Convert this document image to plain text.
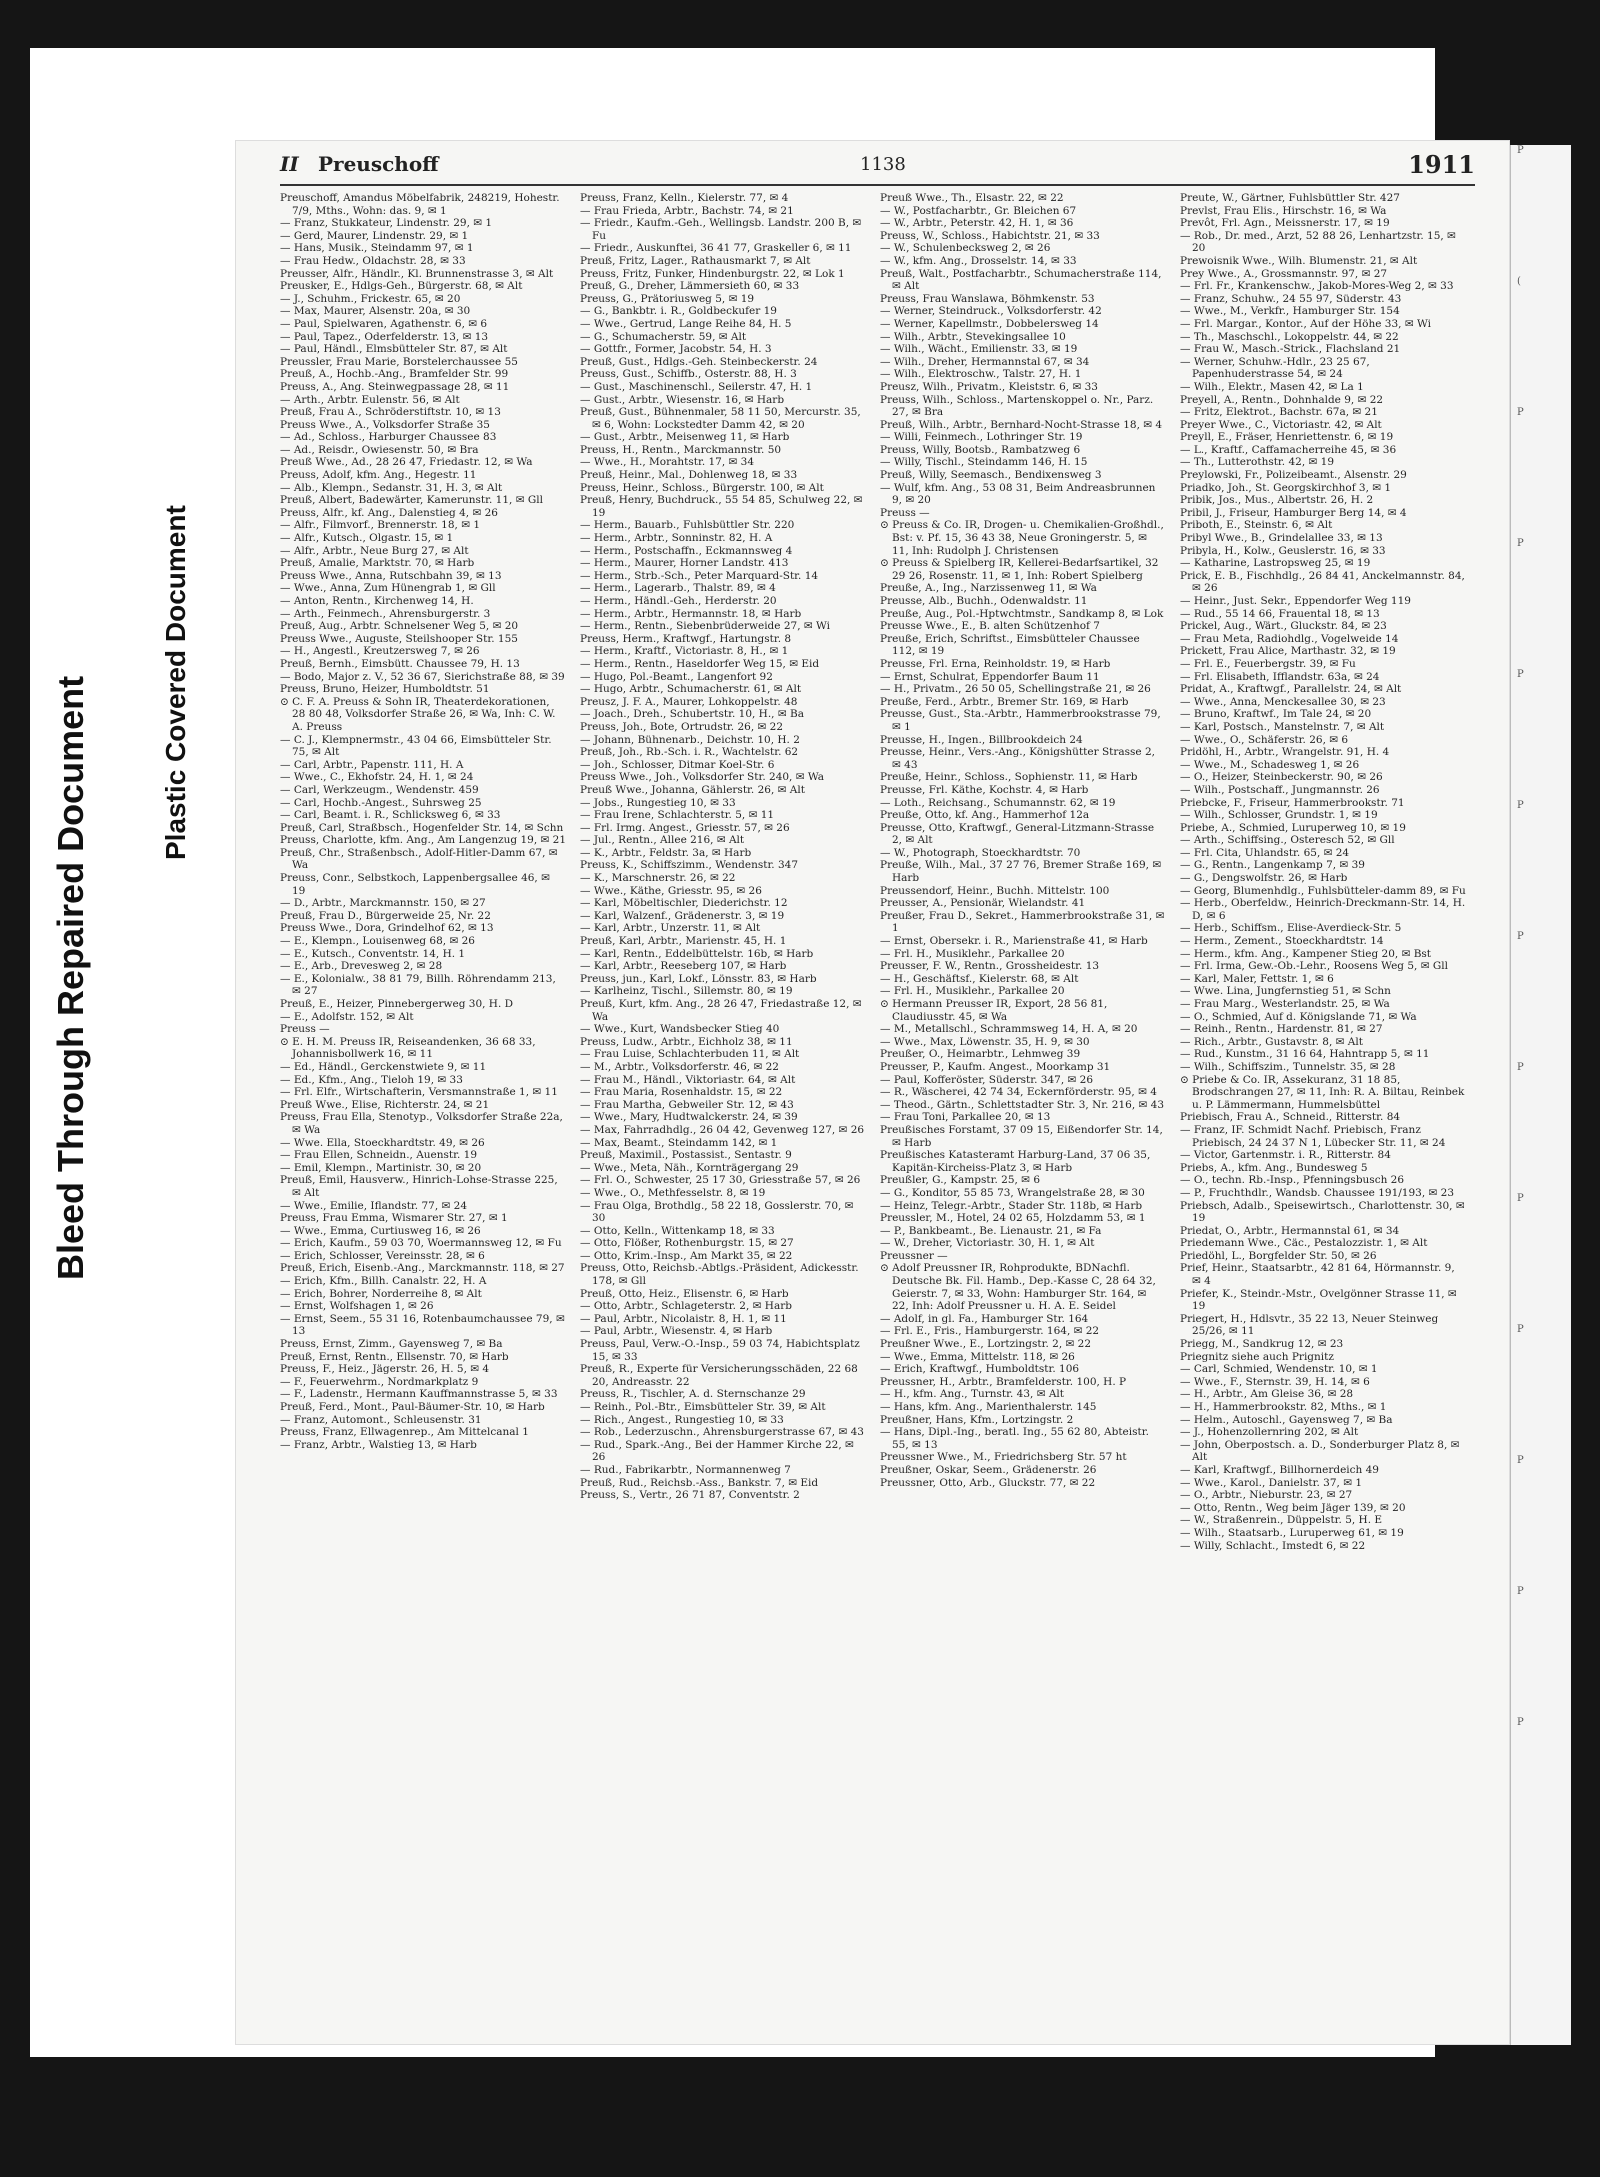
Bleed Through Repaired Document Plastic Covered Document
II Preuschoff	1138	1911

Preuschoff, Amandus Möbelfabrik, 248219, Hohestr. 7/9, Mths., Wohn: das. 9, ✉ 1

— Franz, Stukkateur, Lindenstr. 29, ✉ 1

— Gerd, Maurer, Lindenstr. 29, ✉ 1

— Hans, Musik., Steindamm 97, ✉ 1

— Frau Hedw., Oldachstr. 28, ✉ 33

Preusser, Alfr., Händlr., Kl. Brunnenstrasse 3, ✉ Alt

Preusker, E., Hdlgs-Geh., Bürgerstr. 68, ✉ Alt

— J., Schuhm., Frickestr. 65, ✉ 20

— Max, Maurer, Alsenstr. 20a, ✉ 30

— Paul, Spielwaren, Agathenstr. 6, ✉ 6

— Paul, Tapez., Oderfelderstr. 13, ✉ 13

— Paul, Händl., Elmsbütteler Str. 87, ✉ Alt

Preussler, Frau Marie, Borstelerchaussee 55

Preuß, A., Hochb.-Ang., Bramfelder Str. 99

Preuss, A., Ang. Steinwegpassage 28, ✉ 11

— Arth., Arbtr. Eulenstr. 56, ✉ Alt

Preuß, Frau A., Schröderstiftstr. 10, ✉ 13

Preuss Wwe., A., Volksdorfer Straße 35

— Ad., Schloss., Harburger Chaussee 83

— Ad., Reisdr., Owiesenstr. 50, ✉ Bra

Preuß Wwe., Ad., 28 26 47, Friedastr. 12, ✉ Wa

Preuss, Adolf, kfm. Ang., Hegestr. 11

— Alb., Klempn., Sedanstr. 31, H. 3, ✉ Alt

Preuß, Albert, Badewärter, Kamerunstr. 11, ✉ Gll

Preuss, Alfr., kf. Ang., Dalenstieg 4, ✉ 26

— Alfr., Filmvorf., Brennerstr. 18, ✉ 1

— Alfr., Kutsch., Olgastr. 15, ✉ 1

— Alfr., Arbtr., Neue Burg 27, ✉ Alt

Preuß, Amalie, Marktstr. 70, ✉ Harb

Preuss Wwe., Anna, Rutschbahn 39, ✉ 13

— Wwe., Anna, Zum Hünengrab 1, ✉ Gll

— Anton, Rentn., Kirchenweg 14, H.

— Arth., Feinmech., Ahrensburgerstr. 3

Preuß, Aug., Arbtr. Schnelsener Weg 5, ✉ 20

Preuss Wwe., Auguste, Steilshooper Str. 155

— H., Angestl., Kreutzersweg 7, ✉ 26

Preuß, Bernh., Eimsbütt. Chaussee 79, H. 13

— Bodo, Major z. V., 52 36 67, Sierichstraße 88, ✉ 39

Preuss, Bruno, Heizer, Humboldtstr. 51

⊙ C. F. A. Preuss & Sohn IR, Theaterdekorationen, 28 80 48, Volksdorfer Straße 26, ✉ Wa, Inh: C. W. A. Preuss

— C. J., Klempnermstr., 43 04 66, Eimsbütteler Str. 75, ✉ Alt

— Carl, Arbtr., Papenstr. 111, H. A

— Wwe., C., Ekhofstr. 24, H. 1, ✉ 24

— Carl, Werkzeugm., Wendenstr. 459

— Carl, Hochb.-Angest., Suhrsweg 25

— Carl, Beamt. i. R., Schlicksweg 6, ✉ 33

Preuß, Carl, Straßbsch., Hogenfelder Str. 14, ✉ Schn

Preuss, Charlotte, kfm. Ang., Am Langenzug 19, ✉ 21

Preuß, Chr., Straßenbsch., Adolf-Hitler-Damm 67, ✉ Wa

Preuss, Conr., Selbstkoch, Lappenbergsallee 46, ✉ 19

— D., Arbtr., Marckmannstr. 150, ✉ 27

Preuß, Frau D., Bürgerweide 25, Nr. 22

Preuss Wwe., Dora, Grindelhof 62, ✉ 13

— E., Klempn., Louisenweg 68, ✉ 26

— E., Kutsch., Conventstr. 14, H. 1

— E., Arb., Drevesweg 2, ✉ 28

— E., Kolonialw., 38 81 79, Billh. Röhrendamm 213, ✉ 27

Preuß, E., Heizer, Pinnebergerweg 30, H. D

— E., Adolfstr. 152, ✉ Alt

Preuss —

⊙ E. H. M. Preuss IR, Reiseandenken, 36 68 33, Johannisbollwerk 16, ✉ 11

— Ed., Händl., Gerckenstwiete 9, ✉ 11

— Ed., Kfm., Ang., Tieloh 19, ✉ 33

— Frl. Elfr., Wirtschafterin, Versmannstraße 1, ✉ 11

Preuß Wwe., Elise, Richterstr. 24, ✉ 21

Preuss, Frau Ella, Stenotyp., Volksdorfer Straße 22a, ✉ Wa

— Wwe. Ella, Stoeckhardtstr. 49, ✉ 26

— Frau Ellen, Schneidn., Auenstr. 19

— Emil, Klempn., Martinistr. 30, ✉ 20

Preuß, Emil, Hausverw., Hinrich-Lohse-Strasse 225, ✉ Alt

— Wwe., Emilie, Iflandstr. 77, ✉ 24

Preuss, Frau Emma, Wismarer Str. 27, ✉ 1

— Wwe., Emma, Curtiusweg 16, ✉ 26

— Erich, Kaufm., 59 03 70, Woermannsweg 12, ✉ Fu

— Erich, Schlosser, Vereinsstr. 28, ✉ 6

Preuß, Erich, Eisenb.-Ang., Marckmannstr. 118, ✉ 27

— Erich, Kfm., Billh. Canalstr. 22, H. A

— Erich, Bohrer, Norderreihe 8, ✉ Alt

— Ernst, Wolfshagen 1, ✉ 26

— Ernst, Seem., 55 31 16, Rotenbaumchaussee 79, ✉ 13

Preuss, Ernst, Zimm., Gayensweg 7, ✉ Ba

Preuß, Ernst, Rentn., Ellsenstr. 70, ✉ Harb

Preuss, F., Heiz., Jägerstr. 26, H. 5, ✉ 4

— F., Feuerwehrm., Nordmarkplatz 9

— F., Ladenstr., Hermann Kauffmannstrasse 5, ✉ 33

Preuß, Ferd., Mont., Paul-Bäumer-Str. 10, ✉ Harb

— Franz, Automont., Schleusenstr. 31

Preuss, Franz, Ellwagenrep., Am Mittelcanal 1

— Franz, Arbtr., Walstieg 13, ✉ Harb

Preuss, Franz, Kelln., Kielerstr. 77, ✉ 4

— Frau Frieda, Arbtr., Bachstr. 74, ✉ 21

— Friedr., Kaufm.-Geh., Wellingsb. Landstr. 200 B, ✉ Fu

— Friedr., Auskunftei, 36 41 77, Graskeller 6, ✉ 11

Preuß, Fritz, Lager., Rathausmarkt 7, ✉ Alt

Preuss, Fritz, Funker, Hindenburgstr. 22, ✉ Lok 1

Preuß, G., Dreher, Lämmersieth 60, ✉ 33

Preuss, G., Prätoriusweg 5, ✉ 19

— G., Bankbtr. i. R., Goldbeckufer 19

— Wwe., Gertrud, Lange Reihe 84, H. 5

— G., Schumacherstr. 59, ✉ Alt

— Gottfr., Former, Jacobstr. 54, H. 3

Preuß, Gust., Hdlgs.-Geh. Steinbeckerstr. 24

Preuss, Gust., Schiffb., Osterstr. 88, H. 3

— Gust., Maschinenschl., Seilerstr. 47, H. 1

— Gust., Arbtr., Wiesenstr. 16, ✉ Harb

Preuß, Gust., Bühnenmaler, 58 11 50, Mercurstr. 35, ✉ 6, Wohn: Lockstedter Damm 42, ✉ 20

— Gust., Arbtr., Meisenweg 11, ✉ Harb

Preuss, H., Rentn., Marckmannstr. 50

— Wwe., H., Morahtstr. 17, ✉ 34

Preuß, Heinr., Mal., Dohlenweg 18, ✉ 33

Preuss, Heinr., Schloss., Bürgerstr. 100, ✉ Alt

Preuß, Henry, Buchdruck., 55 54 85, Schulweg 22, ✉ 19

— Herm., Bauarb., Fuhlsbüttler Str. 220

— Herm., Arbtr., Sonninstr. 82, H. A

— Herm., Postschaffn., Eckmannsweg 4

— Herm., Maurer, Horner Landstr. 413

— Herm., Strb.-Sch., Peter Marquard-Str. 14

— Herm., Lagerarb., Thalstr. 89, ✉ 4

— Herm., Händl.-Geh., Herderstr. 20

— Herm., Arbtr., Hermannstr. 18, ✉ Harb

— Herm., Rentn., Siebenbrüderweide 27, ✉ Wi

Preuss, Herm., Kraftwgf., Hartungstr. 8

— Herm., Kraftf., Victoriastr. 8, H., ✉ 1

— Herm., Rentn., Haseldorfer Weg 15, ✉ Eid

— Hugo, Pol.-Beamt., Langenfort 92

— Hugo, Arbtr., Schumacherstr. 61, ✉ Alt

Preusz, J. F. A., Maurer, Lohkoppelstr. 48

— Joach., Dreh., Schubertstr. 10, H., ✉ Ba

Preuss, Joh., Bote, Ortrudstr. 26, ✉ 22

— Johann, Bühnenarb., Deichstr. 10, H. 2

Preuß, Joh., Rb.-Sch. i. R., Wachtelstr. 62

— Joh., Schlosser, Ditmar Koel-Str. 6

Preuss Wwe., Joh., Volksdorfer Str. 240, ✉ Wa

Preuß Wwe., Johanna, Gählerstr. 26, ✉ Alt

— Jobs., Rungestieg 10, ✉ 33

— Frau Irene, Schlachterstr. 5, ✉ 11

— Frl. Irmg. Angest., Griesstr. 57, ✉ 26

— Jul., Rentn., Allee 216, ✉ Alt

— K., Arbtr., Feldstr. 3a, ✉ Harb

Preuss, K., Schiffszimm., Wendenstr. 347

— K., Marschnerstr. 26, ✉ 22

— Wwe., Käthe, Griesstr. 95, ✉ 26

— Karl, Möbeltischler, Diederichstr. 12

— Karl, Walzenf., Grädenerstr. 3, ✉ 19

— Karl, Arbtr., Unzerstr. 11, ✉ Alt

Preuß, Karl, Arbtr., Marienstr. 45, H. 1

— Karl, Rentn., Eddelbüttelstr. 16b, ✉ Harb

— Karl, Arbtr., Reeseberg 107, ✉ Harb

Preuss, jun., Karl, Lokf., Lönsstr. 83, ✉ Harb

— Karlheinz, Tischl., Sillemstr. 80, ✉ 19

Preuß, Kurt, kfm. Ang., 28 26 47, Friedastraße 12, ✉ Wa

— Wwe., Kurt, Wandsbecker Stieg 40

Preuss, Ludw., Arbtr., Eichholz 38, ✉ 11

— Frau Luise, Schlachterbuden 11, ✉ Alt

— M., Arbtr., Volksdorferstr. 46, ✉ 22

— Frau M., Händl., Viktoriastr. 64, ✉ Alt

— Frau Maria, Rosenhaldstr. 15, ✉ 22

— Frau Martha, Gebweiler Str. 12, ✉ 43

— Wwe., Mary, Hudtwalckerstr. 24, ✉ 39

— Max, Fahrradhdlg., 26 04 42, Gevenweg 127, ✉ 26

— Max, Beamt., Steindamm 142, ✉ 1

Preuß, Maximil., Postassist., Sentastr. 9

— Wwe., Meta, Näh., Kornträgergang 29

— Frl. O., Schwester, 25 17 30, Griesstraße 57, ✉ 26

— Wwe., O., Methfesselstr. 8, ✉ 19

— Frau Olga, Brothdlg., 58 22 18, Gosslerstr. 70, ✉ 30

— Otto, Kelln., Wittenkamp 18, ✉ 33

— Otto, Flößer, Rothenburgstr. 15, ✉ 27

— Otto, Krim.-Insp., Am Markt 35, ✉ 22

Preuss, Otto, Reichsb.-Abtlgs.-Präsident, Adickesstr. 178, ✉ Gll

Preuß, Otto, Heiz., Elisenstr. 6, ✉ Harb

— Otto, Arbtr., Schlageterstr. 2, ✉ Harb

— Paul, Arbtr., Nicolaistr. 8, H. 1, ✉ 11

— Paul, Arbtr., Wiesenstr. 4, ✉ Harb

Preuss, Paul, Verw.-O.-Insp., 59 03 74, Habichtsplatz 15, ✉ 33

Preuß, R., Experte für Versicherungsschäden, 22 68 20, Andreasstr. 22

Preuss, R., Tischler, A. d. Sternschanze 29

— Reinh., Pol.-Btr., Eimsbütteler Str. 39, ✉ Alt

— Rich., Angest., Rungestieg 10, ✉ 33

— Rob., Lederzuschn., Ahrensburgerstrasse 67, ✉ 43

— Rud., Spark.-Ang., Bei der Hammer Kirche 22, ✉ 26

— Rud., Fabrikarbtr., Normannenweg 7

Preuß, Rud., Reichsb.-Ass., Bankstr. 7, ✉ Eid

Preuss, S., Vertr., 26 71 87, Conventstr. 2

Preuß Wwe., Th., Elsastr. 22, ✉ 22

— W., Postfacharbtr., Gr. Bleichen 67

— W., Arbtr., Peterstr. 42, H. 1, ✉ 36

Preuss, W., Schloss., Habichtstr. 21, ✉ 33

— W., Schulenbecksweg 2, ✉ 26

— W., kfm. Ang., Drosselstr. 14, ✉ 33

Preuß, Walt., Postfacharbtr., Schumacherstraße 114, ✉ Alt

Preuss, Frau Wanslawa, Böhmkenstr. 53

— Werner, Steindruck., Volksdorferstr. 42

— Werner, Kapellmstr., Dobbelersweg 14

— Wilh., Arbtr., Stevekingsallee 10

— Wilh., Wächt., Emilienstr. 33, ✉ 19

— Wilh., Dreher, Hermannstal 67, ✉ 34

— Wilh., Elektroschw., Talstr. 27, H. 1

Preusz, Wilh., Privatm., Kleiststr. 6, ✉ 33

Preuss, Wilh., Schloss., Martenskoppel o. Nr., Parz. 27, ✉ Bra

Preuß, Wilh., Arbtr., Bernhard-Nocht-Strasse 18, ✉ 4

— Willi, Feinmech., Lothringer Str. 19

Preuss, Willy, Bootsb., Rambatzweg 6

— Willy, Tischl., Steindamm 146, H. 15

Preuß, Willy, Seemasch., Bendixensweg 3

— Wulf, kfm. Ang., 53 08 31, Beim Andreasbrunnen 9, ✉ 20

Preuss —

⊙ Preuss & Co. IR, Drogen- u. Chemikalien-Großhdl., Bst: v. Pf. 15, 36 43 38, Neue Groningerstr. 5, ✉ 11, Inh: Rudolph J. Christensen

⊙ Preuss & Spielberg IR, Kellerei-Bedarfsartikel, 32 29 26, Rosenstr. 11, ✉ 1, Inh: Robert Spielberg

Preuße, A., Ing., Narzissenweg 11, ✉ Wa

Preusse, Alb., Buchh., Odenwaldstr. 11

Preuße, Aug., Pol.-Hptwchtmstr., Sandkamp 8, ✉ Lok

Preusse Wwe., E., B. alten Schützenhof 7

Preuße, Erich, Schriftst., Eimsbütteler Chaussee 112, ✉ 19

Preusse, Frl. Erna, Reinholdstr. 19, ✉ Harb

— Ernst, Schulrat, Eppendorfer Baum 11

— H., Privatm., 26 50 05, Schellingstraße 21, ✉ 26

Preuße, Ferd., Arbtr., Bremer Str. 169, ✉ Harb

Preusse, Gust., Sta.-Arbtr., Hammerbrookstrasse 79, ✉ 1

Preusse, H., Ingen., Billbrookdeich 24

Preusse, Heinr., Vers.-Ang., Königshütter Strasse 2, ✉ 43

Preuße, Heinr., Schloss., Sophienstr. 11, ✉ Harb

Preusse, Frl. Käthe, Kochstr. 4, ✉ Harb

— Loth., Reichsang., Schumannstr. 62, ✉ 19

Preuße, Otto, kf. Ang., Hammerhof 12a

Preusse, Otto, Kraftwgf., General-Litzmann-Strasse 2, ✉ Alt

— W., Photograph, Stoeckhardtstr. 70

Preuße, Wilh., Mal., 37 27 76, Bremer Straße 169, ✉ Harb

Preussendorf, Heinr., Buchh. Mittelstr. 100

Preusser, A., Pensionär, Wielandstr. 41

Preußer, Frau D., Sekret., Hammerbrookstraße 31, ✉ 1

— Ernst, Obersekr. i. R., Marienstraße 41, ✉ Harb

— Frl. H., Musiklehr., Parkallee 20

Preusser, F. W., Rentn., Grossheidestr. 13

— H., Geschäftsf., Kielerstr. 68, ✉ Alt

— Frl. H., Musiklehr., Parkallee 20

⊙ Hermann Preusser IR, Export, 28 56 81, Claudiusstr. 45, ✉ Wa

— M., Metallschl., Schrammsweg 14, H. A, ✉ 20

— Wwe., Max, Löwenstr. 35, H. 9, ✉ 30

Preußer, O., Heimarbtr., Lehmweg 39

Preusser, P., Kaufm. Angest., Moorkamp 31

— Paul, Kofferöster, Süderstr. 347, ✉ 26

— R., Wäscherei, 42 74 34, Eckernförderstr. 95, ✉ 4

— Theod., Gärtn., Schlettstadter Str. 3, Nr. 216, ✉ 43

— Frau Toni, Parkallee 20, ✉ 13

Preußisches Forstamt, 37 09 15, Eißendorfer Str. 14, ✉ Harb

Preußisches Katasteramt Harburg-Land, 37 06 35, Kapitän-Kircheiss-Platz 3, ✉ Harb

Preußler, G., Kampstr. 25, ✉ 6

— G., Konditor, 55 85 73, Wrangelstraße 28, ✉ 30

— Heinz, Telegr.-Arbtr., Stader Str. 118b, ✉ Harb

Preussler, M., Hotel, 24 02 65, Holzdamm 53, ✉ 1

— P., Bankbeamt., Be. Lienaustr. 21, ✉ Fa

— W., Dreher, Victoriastr. 30, H. 1, ✉ Alt

Preussner —

⊙ Adolf Preussner IR, Rohprodukte, BDNachfl. Deutsche Bk. Fil. Hamb., Dep.-Kasse C, 28 64 32, Geierstr. 7, ✉ 33, Wohn: Hamburger Str. 164, ✉ 22, Inh: Adolf Preussner u. H. A. E. Seidel

— Adolf, in gl. Fa., Hamburger Str. 164

— Frl. E., Fris., Hamburgerstr. 164, ✉ 22

Preußner Wwe., E., Lortzingstr. 2, ✉ 22

— Wwe., Emma, Mittelstr. 118, ✉ 26

— Erich, Kraftwgf., Humboldtstr. 106

Preussner, H., Arbtr., Bramfelderstr. 100, H. P

— H., kfm. Ang., Turnstr. 43, ✉ Alt

— Hans, kfm. Ang., Marienthalerstr. 145

Preußner, Hans, Kfm., Lortzingstr. 2

— Hans, Dipl.-Ing., beratl. Ing., 55 62 80, Abteistr. 55, ✉ 13

Preussner Wwe., M., Friedrichsberg Str. 57 ht

Preußner, Oskar, Seem., Grädenerstr. 26

Preussner, Otto, Arb., Gluckstr. 77, ✉ 22

Preute, W., Gärtner, Fuhlsbüttler Str. 427

Prevlst, Frau Elis., Hirschstr. 16, ✉ Wa

Prevôt, Frl. Agn., Meissnerstr. 17, ✉ 19

— Rob., Dr. med., Arzt, 52 88 26, Lenhartzstr. 15, ✉ 20

Prewoisnik Wwe., Wilh. Blumenstr. 21, ✉ Alt

Prey Wwe., A., Grossmannstr. 97, ✉ 27

— Frl. Fr., Krankenschw., Jakob-Mores-Weg 2, ✉ 33

— Franz, Schuhw., 24 55 97, Süderstr. 43

— Wwe., M., Verkfr., Hamburger Str. 154

— Frl. Margar., Kontor., Auf der Höhe 33, ✉ Wi

— Th., Maschschl., Lokoppelstr. 44, ✉ 22

— Frau W., Masch.-Strick., Flachsland 21

— Werner, Schuhw.-Hdlr., 23 25 67, Papenhuderstrasse 54, ✉ 24

— Wilh., Elektr., Masen 42, ✉ La 1

Preyell, A., Rentn., Dohnhalde 9, ✉ 22

— Fritz, Elektrot., Bachstr. 67a, ✉ 21

Preyer Wwe., C., Victoriastr. 42, ✉ Alt

Preyll, E., Fräser, Henriettenstr. 6, ✉ 19

— L., Kraftf., Caffamacherreihe 45, ✉ 36

— Th., Lutterothstr. 42, ✉ 19

Preylowski, Fr., Polizeibeamt., Alsenstr. 29

Priadko, Joh., St. Georgskirchhof 3, ✉ 1

Pribik, Jos., Mus., Albertstr. 26, H. 2

Pribil, J., Friseur, Hamburger Berg 14, ✉ 4

Priboth, E., Steinstr. 6, ✉ Alt

Pribyl Wwe., B., Grindelallee 33, ✉ 13

Pribyla, H., Kolw., Geuslerstr. 16, ✉ 33

— Katharine, Lastropsweg 25, ✉ 19

Prick, E. B., Fischhdlg., 26 84 41, Anckelmannstr. 84, ✉ 26

— Heinr., Just. Sekr., Eppendorfer Weg 119

— Rud., 55 14 66, Frauental 18, ✉ 13

Prickel, Aug., Wärt., Gluckstr. 84, ✉ 23

— Frau Meta, Radiohdlg., Vogelweide 14

Prickett, Frau Alice, Marthastr. 32, ✉ 19

— Frl. E., Feuerbergstr. 39, ✉ Fu

— Frl. Elisabeth, Ifflandstr. 63a, ✉ 24

Pridat, A., Kraftwgf., Parallelstr. 24, ✉ Alt

— Wwe., Anna, Menckesallee 30, ✉ 23

— Bruno, Kraftwf., Im Tale 24, ✉ 20

— Karl, Postsch., Manstelnstr. 7, ✉ Alt

— Wwe., O., Schäferstr. 26, ✉ 6

Pridöhl, H., Arbtr., Wrangelstr. 91, H. 4

— Wwe., M., Schadesweg 1, ✉ 26

— O., Heizer, Steinbeckerstr. 90, ✉ 26

— Wilh., Postschaff., Jungmannstr. 26

Priebcke, F., Friseur, Hammerbrookstr. 71

— Wilh., Schlosser, Grundstr. 1, ✉ 19

Priebe, A., Schmied, Luruperweg 10, ✉ 19

— Arth., Schiffsing., Osteresch 52, ✉ Gll

— Frl. Cita, Uhlandstr. 65, ✉ 24

— G., Rentn., Langenkamp 7, ✉ 39

— G., Dengswolfstr. 26, ✉ Harb

— Georg, Blumenhdlg., Fuhlsbütteler-damm 89, ✉ Fu

— Herb., Oberfeldw., Heinrich-Dreckmann-Str. 14, H. D, ✉ 6

— Herb., Schiffsm., Elise-Averdieck-Str. 5

— Herm., Zement., Stoeckhardtstr. 14

— Herm., kfm. Ang., Kampener Stieg 20, ✉ Bst

— Frl. Irma, Gew.-Ob.-Lehr., Roosens Weg 5, ✉ Gll

— Karl, Maler, Fettstr. 1, ✉ 6

— Wwe. Lina, Jungfernstieg 51, ✉ Schn

— Frau Marg., Westerlandstr. 25, ✉ Wa

— O., Schmied, Auf d. Königslande 71, ✉ Wa

— Reinh., Rentn., Hardenstr. 81, ✉ 27

— Rich., Arbtr., Gustavstr. 8, ✉ Alt

— Rud., Kunstm., 31 16 64, Hahntrapp 5, ✉ 11

— Wilh., Schiffszim., Tunnelstr. 35, ✉ 28

⊙ Priebe & Co. IR, Assekuranz, 31 18 85, Brodschrangen 27, ✉ 11, Inh: R. A. Biltau, Reinbek u. P. Lämmermann, Hummelsbüttel

Priebisch, Frau A., Schneid., Ritterstr. 84

— Franz, IF. Schmidt Nachf. Priebisch, Franz Priebisch, 24 24 37 N 1, Lübecker Str. 11, ✉ 24

— Victor, Gartenmstr. i. R., Ritterstr. 84

Priebs, A., kfm. Ang., Bundesweg 5

— O., techn. Rb.-Insp., Pfenningsbusch 26

— P., Fruchthdlr., Wandsb. Chaussee 191/193, ✉ 23

Priebsch, Adalb., Speisewirtsch., Charlottenstr. 30, ✉ 19

Priedat, O., Arbtr., Hermannstal 61, ✉ 34

Priedemann Wwe., Cäc., Pestalozzistr. 1, ✉ Alt

Priedöhl, L., Borgfelder Str. 50, ✉ 26

Prief, Heinr., Staatsarbtr., 42 81 64, Hörmannstr. 9, ✉ 4

Priefer, K., Steindr.-Mstr., Ovelgönner Strasse 11, ✉ 19

Priegert, H., Hdlsvtr., 35 22 13, Neuer Steinweg 25/26, ✉ 11

Priegg, M., Sandkrug 12, ✉ 23

Priegnitz siehe auch Prignitz

— Carl, Schmied, Wendenstr. 10, ✉ 1

— Wwe., F., Sternstr. 39, H. 14, ✉ 6

— H., Arbtr., Am Gleise 36, ✉ 28

— H., Hammerbrookstr. 82, Mths., ✉ 1

— Helm., Autoschl., Gayensweg 7, ✉ Ba

— J., Hohenzollernring 202, ✉ Alt

— John, Oberpostsch. a. D., Sonderburger Platz 8, ✉ Alt

— Karl, Kraftwgf., Billhornerdeich 49

— Wwe., Karol., Danielstr. 37, ✉ 1

— O., Arbtr., Nieburstr. 23, ✉ 27

— Otto, Rentn., Weg beim Jäger 139, ✉ 20

— W., Straßenrein., Düppelstr. 5, H. E

— Wilh., Staatsarb., Luruperweg 61, ✉ 19

— Willy, Schlacht., Imstedt 6, ✉ 22

P
(
P
P
P
P
P
P
P
P
P
P
P
